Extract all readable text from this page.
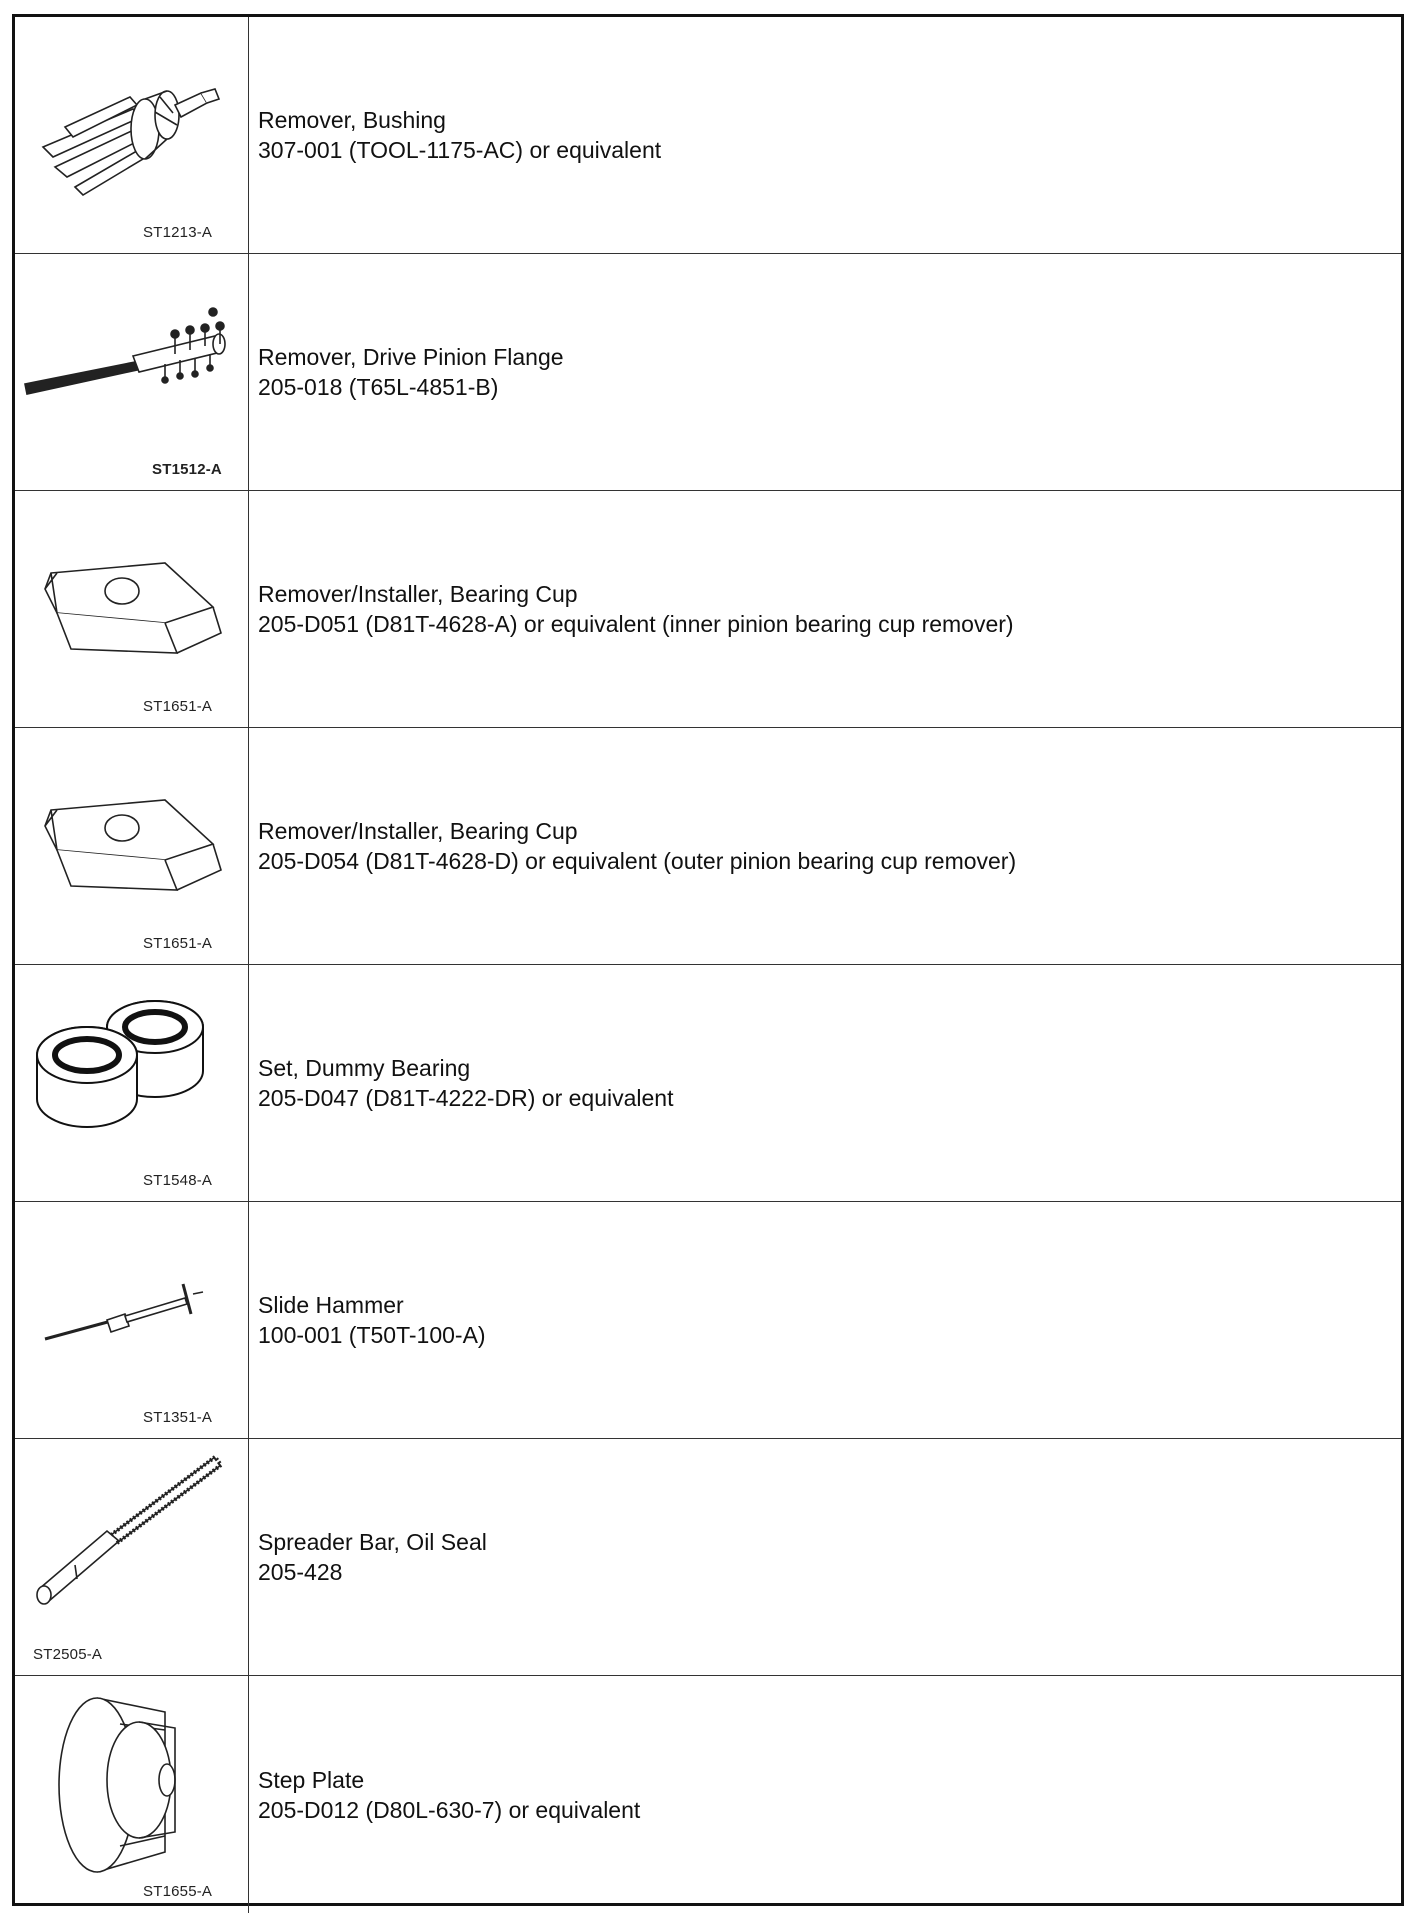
ST1213-A
Remover, Bushing
307-001 (TOOL-1175-AC) or equivalent
ST1512-A
Remover, Drive Pinion Flange
205-018 (T65L-4851-B)
ST1651-A
Remover/Installer, Bearing Cup
205-D051 (D81T-4628-A) or equivalent (inner pinion bearing cup remover)
ST1651-A
Remover/Installer, Bearing Cup
205-D054 (D81T-4628-D) or equivalent (outer pinion bearing cup remover)
ST1548-A
Set, Dummy Bearing
205-D047 (D81T-4222-DR) or equivalent
ST1351-A
Slide Hammer
100-001 (T50T-100-A)
ST2505-A
Spreader Bar, Oil Seal
205-428
ST1655-A
Step Plate
205-D012 (D80L-630-7) or equivalent
